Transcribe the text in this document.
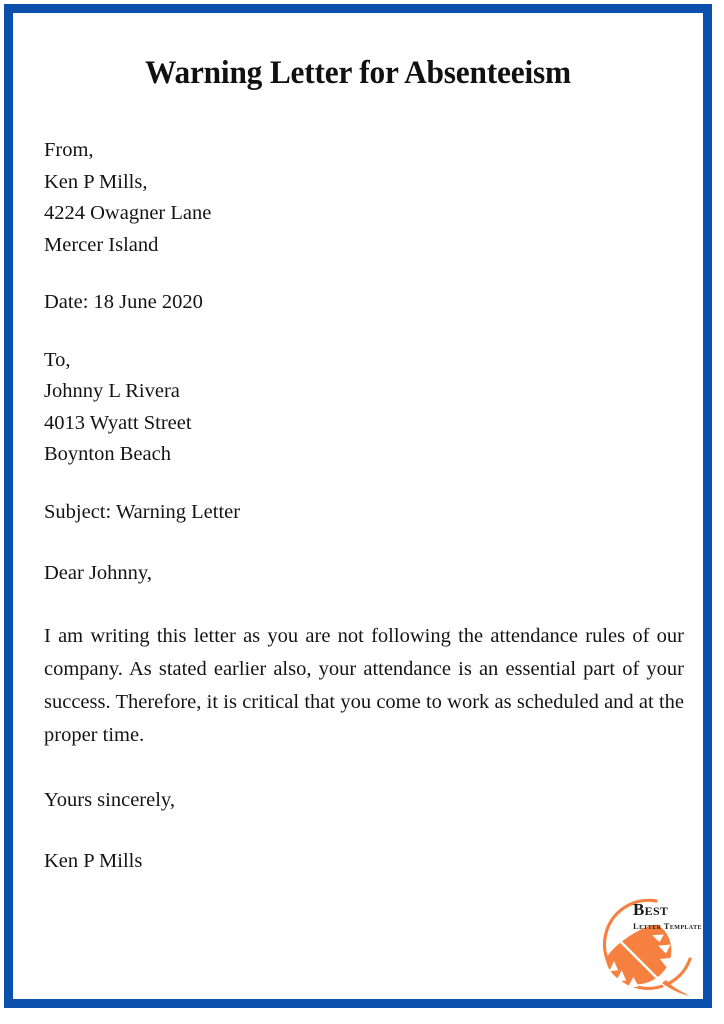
Warning Letter for Absenteeism
From,
Ken P Mills,
4224 Owagner Lane
Mercer Island
Date: 18 June 2020
To,
Johnny L Rivera
4013 Wyatt Street
Boynton Beach
Subject: Warning Letter
Dear Johnny,
I am writing this letter as you are not following the attendance rules of our company. As stated earlier also, your attendance is an essential part of your success. Therefore, it is critical that you come to work as scheduled and at the proper time.
Yours sincerely,
Ken P Mills
Best
Letter Template
